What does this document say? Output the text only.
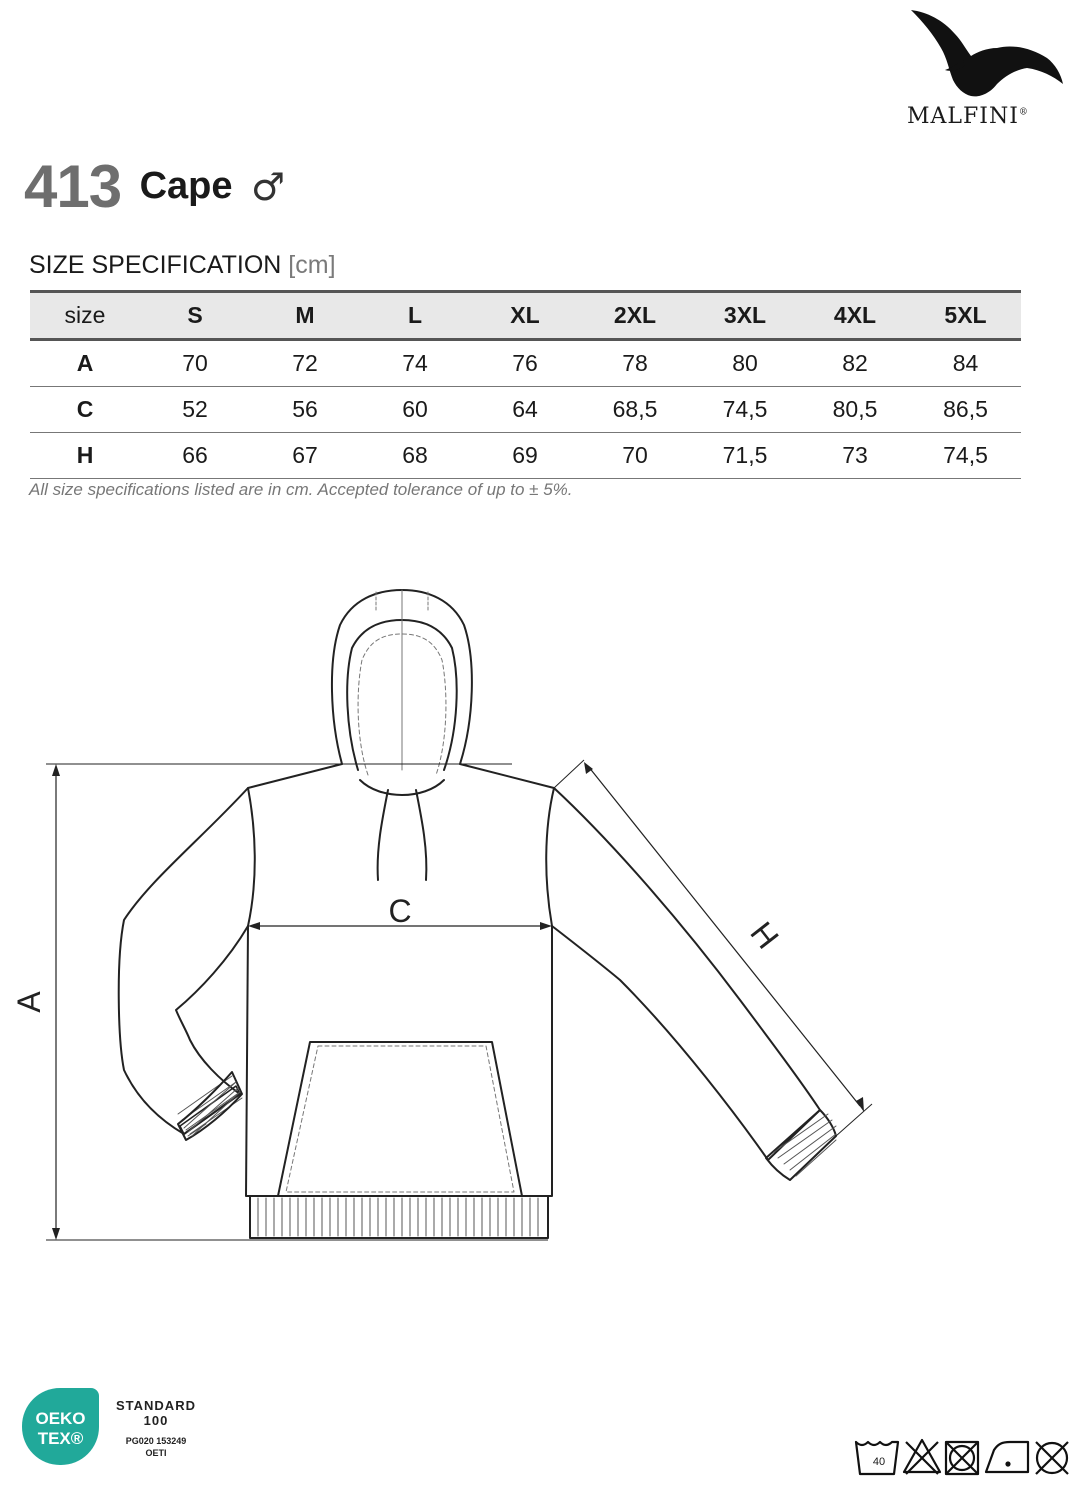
MALFINI®
413 Cape ♂
SIZE SPECIFICATION [cm]
size	S	M	L	XL	2XL	3XL	4XL	5XL
A	70	72	74	76	78	80	82	84
C	52	56	60	64	68,5	74,5	80,5	86,5
H	66	67	68	69	70	71,5	73	74,5
All size specifications listed are in cm. Accepted tolerance of up to ± 5%.
A
C
H
OEKO
TEX®
STANDARD
100
PG020 153249
OETI
40
